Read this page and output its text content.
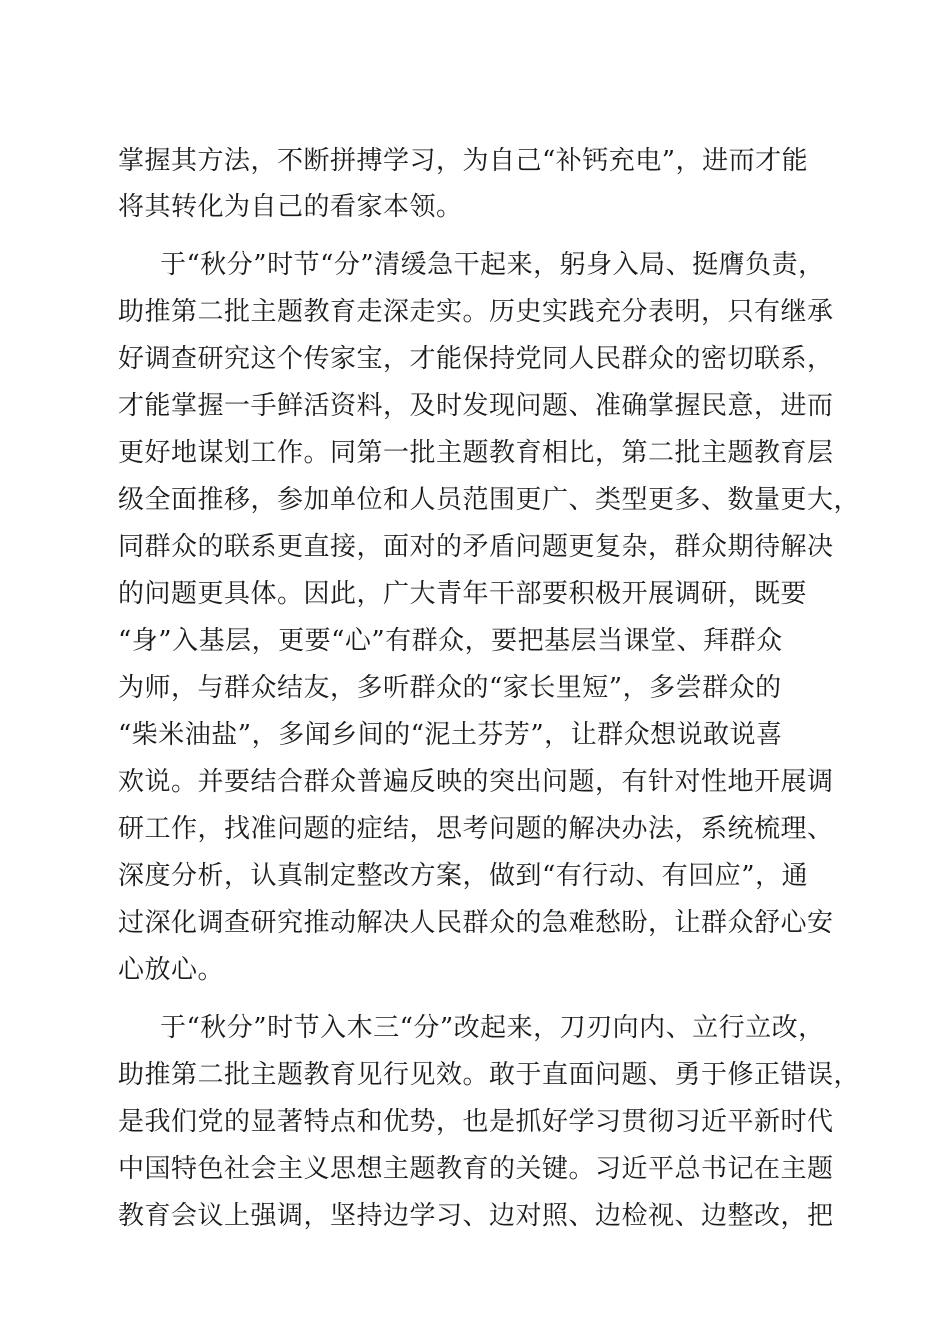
掌握其方法，不断拼搏学习，为自己“补钙充电”，进而才能
将其转化为自己的看家本领。
于“秋分”时节“分”清缓急干起来，躬身入局、挺膺负责，
助推第二批主题教育走深走实。历史实践充分表明，只有继承
好调查研究这个传家宝，才能保持党同人民群众的密切联系，
才能掌握一手鲜活资料，及时发现问题、准确掌握民意，进而
更好地谋划工作。同第一批主题教育相比，第二批主题教育层
级全面推移，参加单位和人员范围更广、类型更多、数量更大，
同群众的联系更直接，面对的矛盾问题更复杂，群众期待解决
的问题更具体。因此，广大青年干部要积极开展调研，既要
“身”入基层，更要“心”有群众，要把基层当课堂、拜群众
为师，与群众结友，多听群众的“家长里短”，多尝群众的
“柴米油盐”，多闻乡间的“泥土芬芳”，让群众想说敢说喜
欢说。并要结合群众普遍反映的突出问题，有针对性地开展调
研工作，找准问题的症结，思考问题的解决办法，系统梳理、
深度分析，认真制定整改方案，做到“有行动、有回应”，通
过深化调查研究推动解决人民群众的急难愁盼，让群众舒心安
心放心。
于“秋分”时节入木三“分”改起来，刀刃向内、立行立改，
助推第二批主题教育见行见效。敢于直面问题、勇于修正错误，
是我们党的显著特点和优势，也是抓好学习贯彻习近平新时代
中国特色社会主义思想主题教育的关键。习近平总书记在主题
教育会议上强调，坚持边学习、边对照、边检视、边整改，把
